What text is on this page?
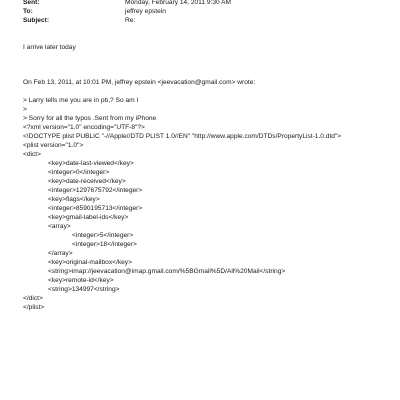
Sent:	Monday, February 14, 2011 9:30 AM
To:	jeffrey epstein
Subject:	Re:
I arrive later today
On Feb 13, 2011, at 10:01 PM, jeffrey epstein <jeevacation@gmail.com> wrote:
> Larry tells me you are in pb,? So am I
>
> Sorry for all the typos .Sent from my iPhone
<?xml version="1.0" encoding="UTF-8"?>
<!DOCTYPE plist PUBLIC "-//Apple//DTD PLIST 1.0//EN" "http://www.apple.com/DTDs/PropertyList-1.0.dtd">
<plist version="1.0">
<dict>
<key>date-last-viewed</key>
<integer>0</integer>
<key>date-received</key>
<integer>1297675792</integer>
<key>flags</key>
<integer>8590195713</integer>
<key>gmail-label-ids</key>
<array>
<integer>5</integer>
<integer>18</integer>
</array>
<key>original-mailbox</key>
<string>imap://jeevacation@imap.gmail.com/%5BGmail%5D/All%20Mail</string>
<key>remote-id</key>
<string>134997</string>
</dict>
</plist>
